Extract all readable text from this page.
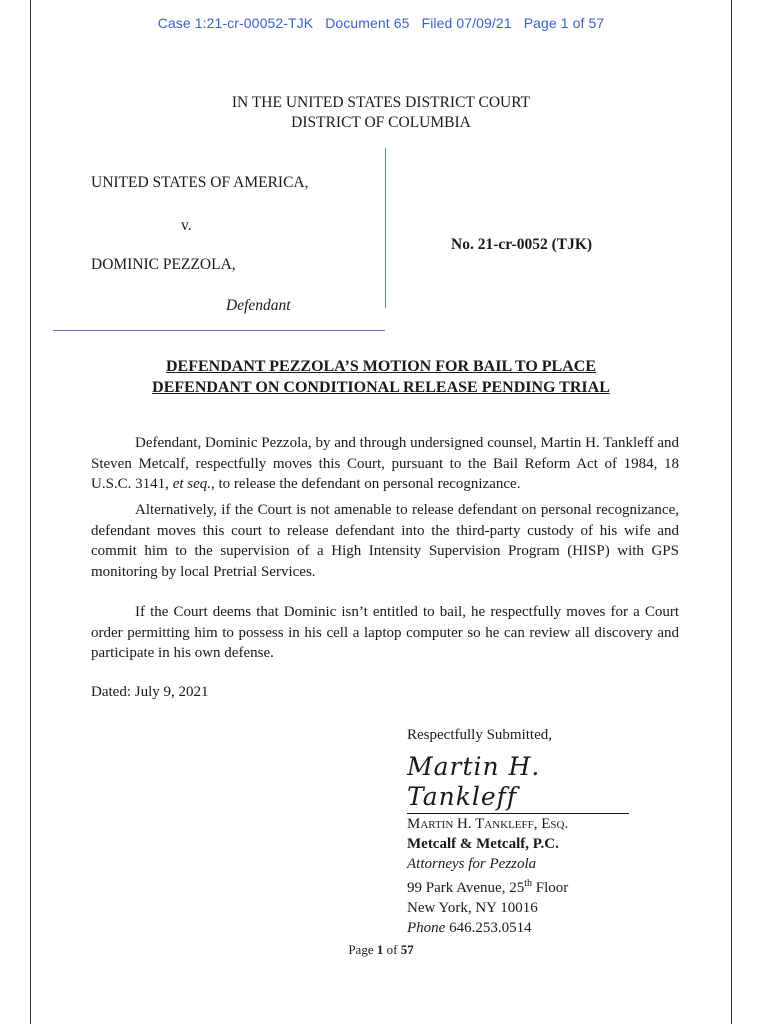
Case 1:21-cr-00052-TJK Document 65 Filed 07/09/21 Page 1 of 57
IN THE UNITED STATES DISTRICT COURT
DISTRICT OF COLUMBIA
UNITED STATES OF AMERICA,
v.
DOMINIC PEZZOLA,
Defendant
No. 21-cr-0052 (TJK)
DEFENDANT PEZZOLA’S MOTION FOR BAIL TO PLACE
DEFENDANT ON CONDITIONAL RELEASE PENDING TRIAL

Defendant, Dominic Pezzola, by and through undersigned counsel, Martin H. Tankleff and Steven Metcalf, respectfully moves this Court, pursuant to the Bail Reform Act of 1984, 18 U.S.C. 3141, et seq., to release the defendant on personal recognizance.

Alternatively, if the Court is not amenable to release defendant on personal recognizance, defendant moves this court to release defendant into the third-party custody of his wife and commit him to the supervision of a High Intensity Supervision Program (HISP) with GPS monitoring by local Pretrial Services.

If the Court deems that Dominic isn’t entitled to bail, he respectfully moves for a Court order permitting him to possess in his cell a laptop computer so he can review all discovery and participate in his own defense.

Dated: July 9, 2021
Respectfully Submitted,
Martin H. Tankleff
Martin H. Tankleff, Esq.
Metcalf & Metcalf, P.C.
Attorneys for Pezzola
99 Park Avenue, 25th Floor
New York, NY 10016
Phone 646.253.0514
Page 1 of 57
